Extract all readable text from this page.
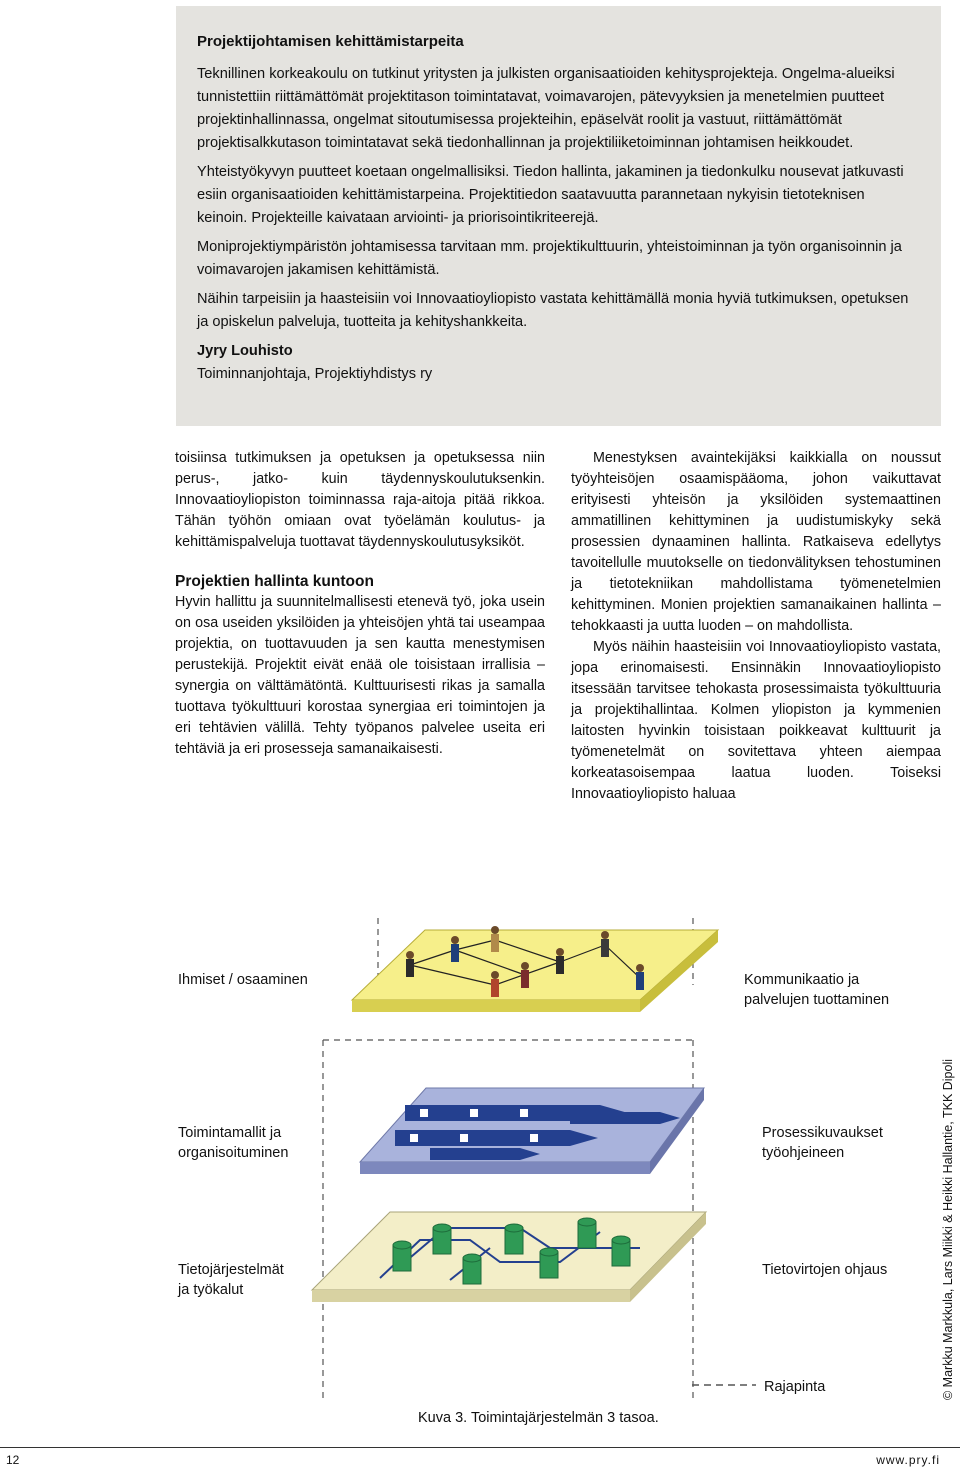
Projektijohtamisen kehittämistarpeita

Teknillinen korkeakoulu on tutkinut yritysten ja julkisten organisaatioiden kehitysprojekteja. Ongelma-alueiksi tunnistettiin riittämättömät projektitason toimintatavat, voimavarojen, pätevyyksien ja menetelmien puutteet projektinhallinnassa, ongelmat sitoutumisessa projekteihin, epäselvät roolit ja vastuut, riittämättömät projektisalkkutason toimintatavat sekä tiedonhallinnan ja projektiliiketoiminnan johtamisen heikkoudet.

Yhteistyökyvyn puutteet koetaan ongelmallisiksi. Tiedon hallinta, jakaminen ja tiedonkulku nousevat jatkuvasti esiin organisaatioiden kehittämistarpeina. Projektitiedon saatavuutta parannetaan nykyisin tietoteknisen keinoin. Projekteille kaivataan arviointi- ja priorisointikriteerejä.

Moniprojektiympäristön johtamisessa tarvitaan mm. projektikulttuurin, yhteistoiminnan ja työn organisoinnin ja voimavarojen jakamisen kehittämistä.

Näihin tarpeisiin ja haasteisiin voi Innovaatioyliopisto vastata kehittämällä monia hyviä tutkimuksen, opetuksen ja opiskelun palveluja, tuotteita ja kehityshankkeita.

Jyry Louhisto

Toiminnanjohtaja, Projektiyhdistys ry

toisiinsa tutkimuksen ja opetuksen ja opetuksessa niin perus-, jatko- kuin täydennyskoulutuksenkin. Innovaatioyliopiston toiminnassa raja-aitoja pitää rikkoa. Tähän työhön omiaan ovat työelämän koulutus- ja kehittämispalveluja tuottavat täydennyskoulutusyksiköt.

Projektien hallinta kuntoon

Hyvin hallittu ja suunnitelmallisesti etenevä työ, joka usein on osa useiden yksilöiden ja yhteisöjen yhtä tai useampaa projektia, on tuottavuuden ja sen kautta menestymisen perustekijä. Projektit eivät enää ole toisistaan irrallisia – synergia on välttämätöntä. Kulttuurisesti rikas ja samalla tuottava työkulttuuri korostaa synergiaa eri toimintojen ja eri tehtävien välillä. Tehty työpanos palvelee useita eri tehtäviä ja eri prosesseja samanaikaisesti.

Menestyksen avaintekijäksi kaikkialla on noussut työyhteisöjen osaamispääoma, johon vaikuttavat erityisesti yhteisön ja yksilöiden systemaattinen ammatillinen kehittyminen ja uudistumiskyky sekä prosessien dynaaminen hallinta. Ratkaiseva edellytys tavoitellulle muutokselle on tiedonvälityksen tehostuminen ja tietotekniikan mahdollistama työmenetelmien kehittyminen. Monien projektien samanaikainen hallinta – tehokkaasti ja uutta luoden – on mahdollista.

Myös näihin haasteisiin voi Innovaatioyliopisto vastata, jopa erinomaisesti. Ensinnäkin Innovaatioyliopisto itsessään tarvitsee tehokasta prosessimaista työkulttuuria ja projektihallintaa. Kolmen yliopiston ja kymmenien laitosten hyvinkin toisistaan poikkeavat kulttuurit ja työmenetelmät on sovitettava yhteen aiempaa korkeatasoisempaa laatua luoden. Toiseksi Innovaatioyliopisto haluaa

Ihmiset / osaaminen	Kommunikaatio ja
palvelujen tuottaminen
Toimintamallit ja
organisoituminen
Prosessikuvaukset
työohjeineen
Tietojärjestelmät
ja työkalut
Tietovirtojen ohjaus
Rajapinta
Kuva 3. Toimintajärjestelmän 3 tasoa.
© Markku Markkula, Lars Miikki & Heikki Hallantie, TKK Dipoli
12	www.pry.fi
